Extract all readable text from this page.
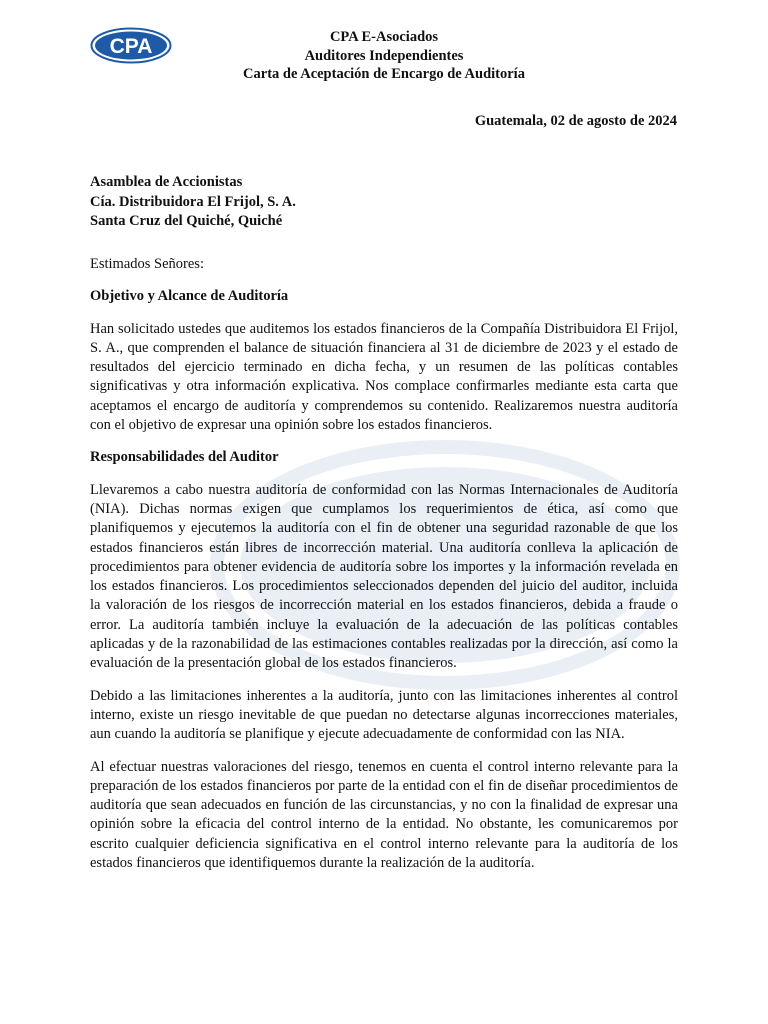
CPA	CPA E-Asociados
Auditores Independientes
Carta de Aceptación de Encargo de Auditoría
Guatemala, 02 de agosto de 2024
Asamblea de Accionistas
Cía. Distribuidora El Frijol, S. A.
Santa Cruz del Quiché, Quiché

Estimados Señores:

Objetivo y Alcance de Auditoría

Han solicitado ustedes que auditemos los estados financieros de la Compañía Distribuidora El Frijol, S. A., que comprenden el balance de situación financiera al 31 de diciembre de 2023 y el estado de resultados del ejercicio terminado en dicha fecha, y un resumen de las políticas contables significativas y otra información explicativa. Nos complace confirmarles mediante esta carta que aceptamos el encargo de auditoría y comprendemos su contenido. Realizaremos nuestra auditoría con el objetivo de expresar una opinión sobre los estados financieros.

Responsabilidades del Auditor

Llevaremos a cabo nuestra auditoría de conformidad con las Normas Internacionales de Auditoría (NIA). Dichas normas exigen que cumplamos los requerimientos de ética, así como que planifiquemos y ejecutemos la auditoría con el fin de obtener una seguridad razonable de que los estados financieros están libres de incorrección material. Una auditoría conlleva la aplicación de procedimientos para obtener evidencia de auditoría sobre los importes y la información revelada en los estados financieros. Los procedimientos seleccionados dependen del juicio del auditor, incluida la valoración de los riesgos de incorrección material en los estados financieros, debida a fraude o error. La auditoría también incluye la evaluación de la adecuación de las políticas contables aplicadas y de la razonabilidad de las estimaciones contables realizadas por la dirección, así como la evaluación de la presentación global de los estados financieros.

Debido a las limitaciones inherentes a la auditoría, junto con las limitaciones inherentes al control interno, existe un riesgo inevitable de que puedan no detectarse algunas incorrecciones materiales, aun cuando la auditoría se planifique y ejecute adecuadamente de conformidad con las NIA.

Al efectuar nuestras valoraciones del riesgo, tenemos en cuenta el control interno relevante para la preparación de los estados financieros por parte de la entidad con el fin de diseñar procedimientos de auditoría que sean adecuados en función de las circunstancias, y no con la finalidad de expresar una opinión sobre la eficacia del control interno de la entidad. No obstante, les comunicaremos por escrito cualquier deficiencia significativa en el control interno relevante para la auditoría de los estados financieros que identifiquemos durante la realización de la auditoría.
